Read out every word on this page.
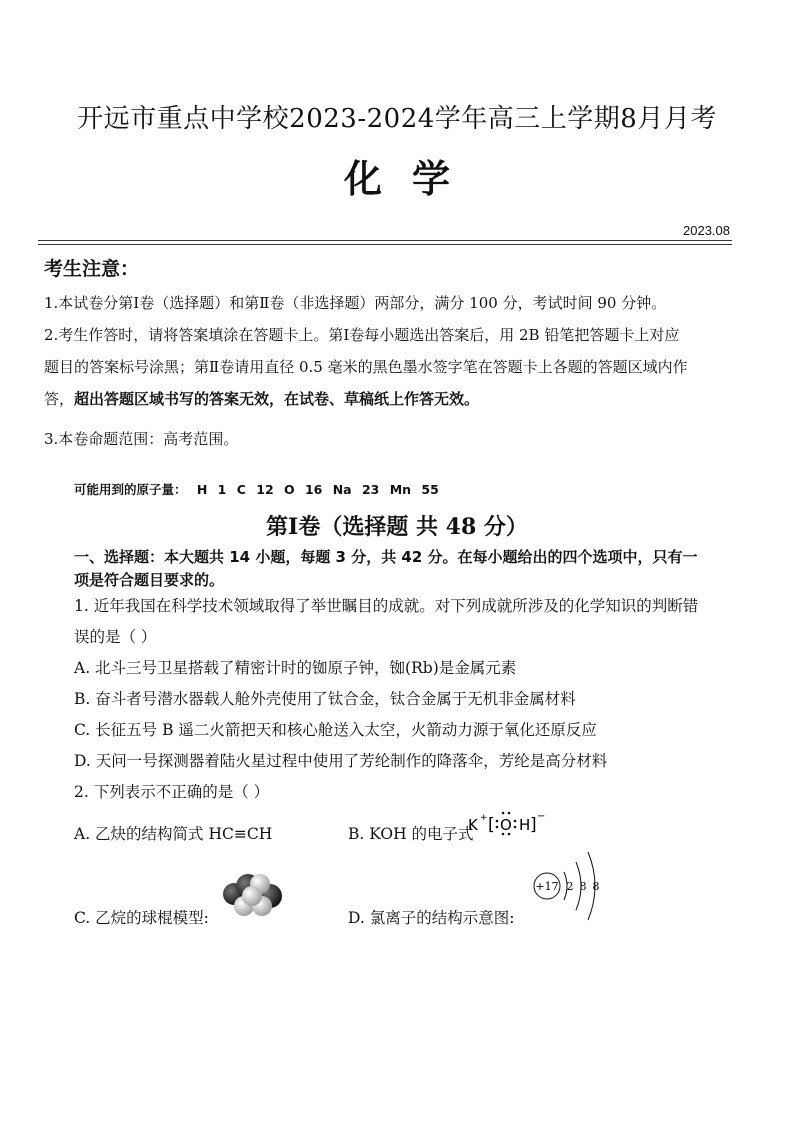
开远市重点中学校2023-2024学年高三上学期8月月考
化学
2023.08
考生注意：
1.本试卷分第Ⅰ卷（选择题）和第Ⅱ卷（非选择题）两部分，满分 100 分，考试时间 90 分钟。
2.考生作答时，请将答案填涂在答题卡上。第Ⅰ卷每小题选出答案后，用 2B 铅笔把答题卡上对应
题目的答案标号涂黑；第Ⅱ卷请用直径 0.5 毫米的黑色墨水签字笔在答题卡上各题的答题区域内作
答，超出答题区域书写的答案无效，在试卷、草稿纸上作答无效。
3.本卷命题范围：高考范围。
可能用到的原子量： H 1 C 12 O 16 Na 23 Mn 55
第Ⅰ卷（选择题 共 48 分）
一、选择题：本大题共 14 小题，每题 3 分，共 42 分。在每小题给出的四个选项中，只有一
项是符合题目要求的。
1. 近年我国在科学技术领域取得了举世瞩目的成就。对下列成就所涉及的化学知识的判断错
误的是（ ）
A. 北斗三号卫星搭载了精密计时的铷原子钟，铷(Rb)是金属元素
B. 奋斗者号潜水器载人舱外壳使用了钛合金，钛合金属于无机非金属材料
C. 长征五号 B 遥二火箭把天和核心舱送入太空，火箭动力源于氧化还原反应
D. 天问一号探测器着陆火星过程中使用了芳纶制作的降落伞，芳纶是高分材料
2. 下列表示不正确的是（ ）
A. 乙炔的结构简式 HC≡CH	B. KOH 的电子式
K + [ O H ] −
C. 乙烷的球棍模型:	D. 氯离子的结构示意图:
+17 2 8 8
